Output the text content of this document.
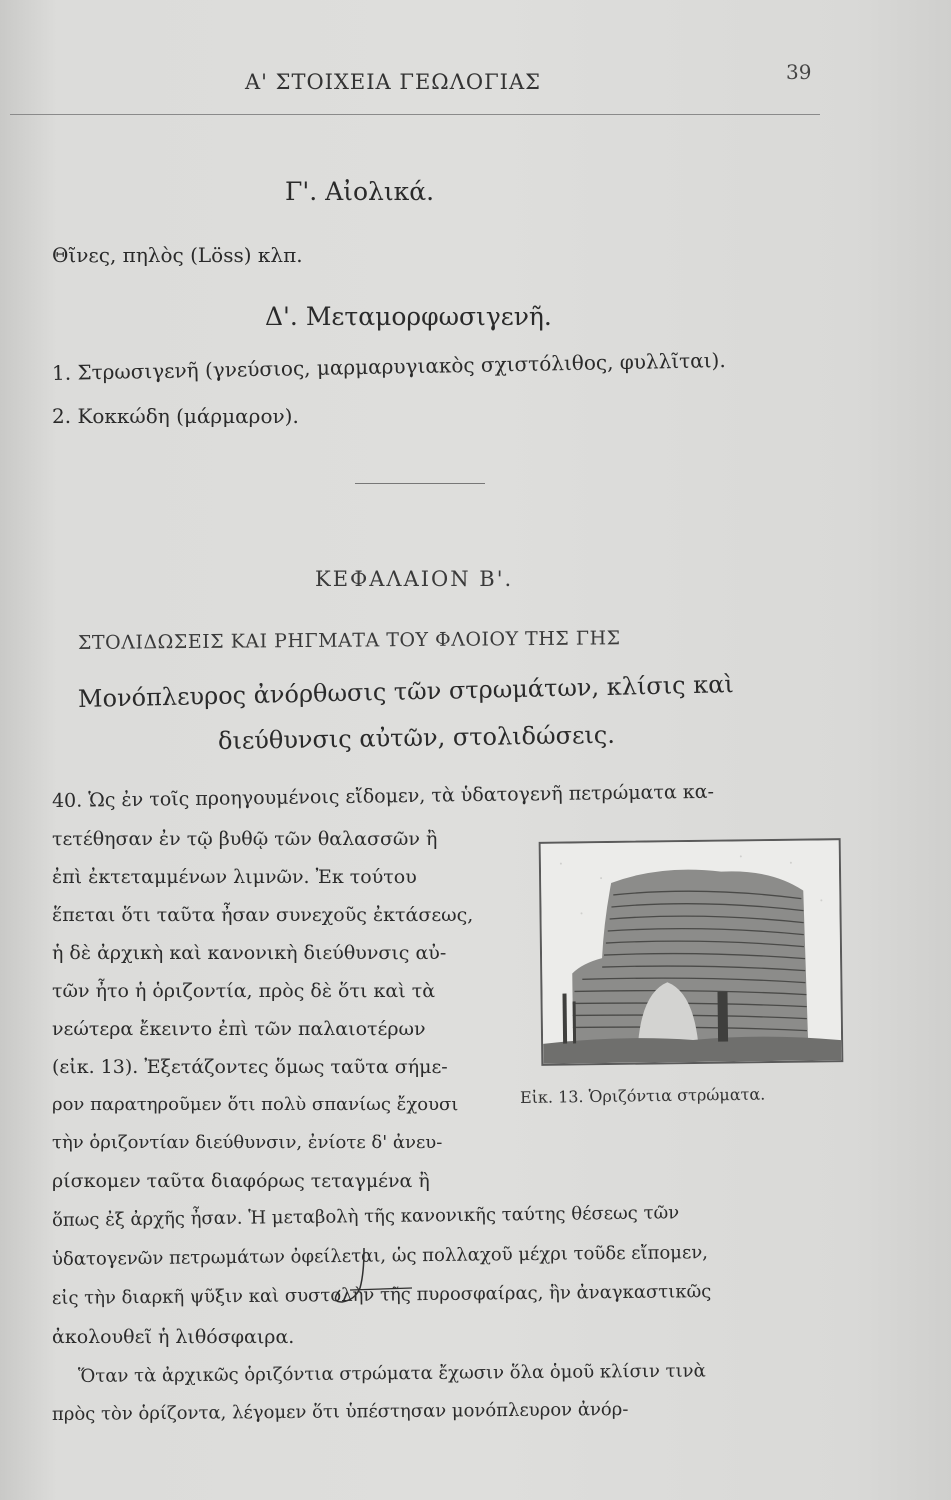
Α' ΣΤΟΙΧΕΙΑ ΓΕΩΛΟΓΙΑΣ	39
Γ'. Αἰολικά.
Θῖνες, πηλὸς (Löss) κλπ.
Δ'. Μεταμορφωσιγενῆ.
1. Στρωσιγενῆ (γνεύσιος, μαρμαρυγιακὸς σχιστόλιθος, φυλλῖται).
2. Κοκκώδη (μάρμαρον).
ΚΕΦΑΛΑΙΟΝ Β'.
ΣΤΟΛΙΔΩΣΕΙΣ ΚΑΙ ΡΗΓΜΑΤΑ ΤΟΥ ΦΛΟΙΟΥ ΤΗΣ ΓΗΣ
Μονόπλευρος ἀνόρθωσις τῶν στρωμάτων, κλίσις καὶ
διεύθυνσις αὐτῶν, στολιδώσεις.
40. Ὡς ἐν τοῖς προηγουμένοις εἴδομεν, τὰ ὑδατογενῆ πετρώματα κα-
τετέθησαν ἐν τῷ βυθῷ τῶν θαλασσῶν ἢ
ἐπὶ ἐκτεταμμένων λιμνῶν. Ἐκ τούτου
ἕπεται ὅτι ταῦτα ἦσαν συνεχοῦς ἐκτάσεως,
ἡ δὲ ἀρχικὴ καὶ κανονικὴ διεύθυνσις αὐ-
τῶν ἦτο ἡ ὁριζοντία, πρὸς δὲ ὅτι καὶ τὰ
νεώτερα ἔκειντο ἐπὶ τῶν παλαιοτέρων
(εἰκ. 13). Ἐξετάζοντες ὅμως ταῦτα σήμε-
ρον παρατηροῦμεν ὅτι πολὺ σπανίως ἔχουσι
τὴν ὁριζοντίαν διεύθυνσιν, ἐνίοτε δ' ἀνευ-
ρίσκομεν ταῦτα διαφόρως τεταγμένα ἢ
ὅπως ἐξ ἀρχῆς ἦσαν. Ἡ μεταβολὴ τῆς κανονικῆς ταύτης θέσεως τῶν
ὑδατογενῶν πετρωμάτων ὀφείλεται, ὡς πολλαχοῦ μέχρι τοῦδε εἴπομεν,
εἰς τὴν διαρκῆ ψῦξιν καὶ συστολὴν τῆς πυροσφαίρας, ἣν ἀναγκαστικῶς
ἀκολουθεῖ ἡ λιθόσφαιρα.
Ὅταν τὰ ἀρχικῶς ὁριζόντια στρώματα ἔχωσιν ὅλα ὁμοῦ κλίσιν τινὰ
πρὸς τὸν ὁρίζοντα, λέγομεν ὅτι ὑπέστησαν μονόπλευρον ἀνόρ-
Εἰκ. 13. Ὁριζόντια στρώματα.
